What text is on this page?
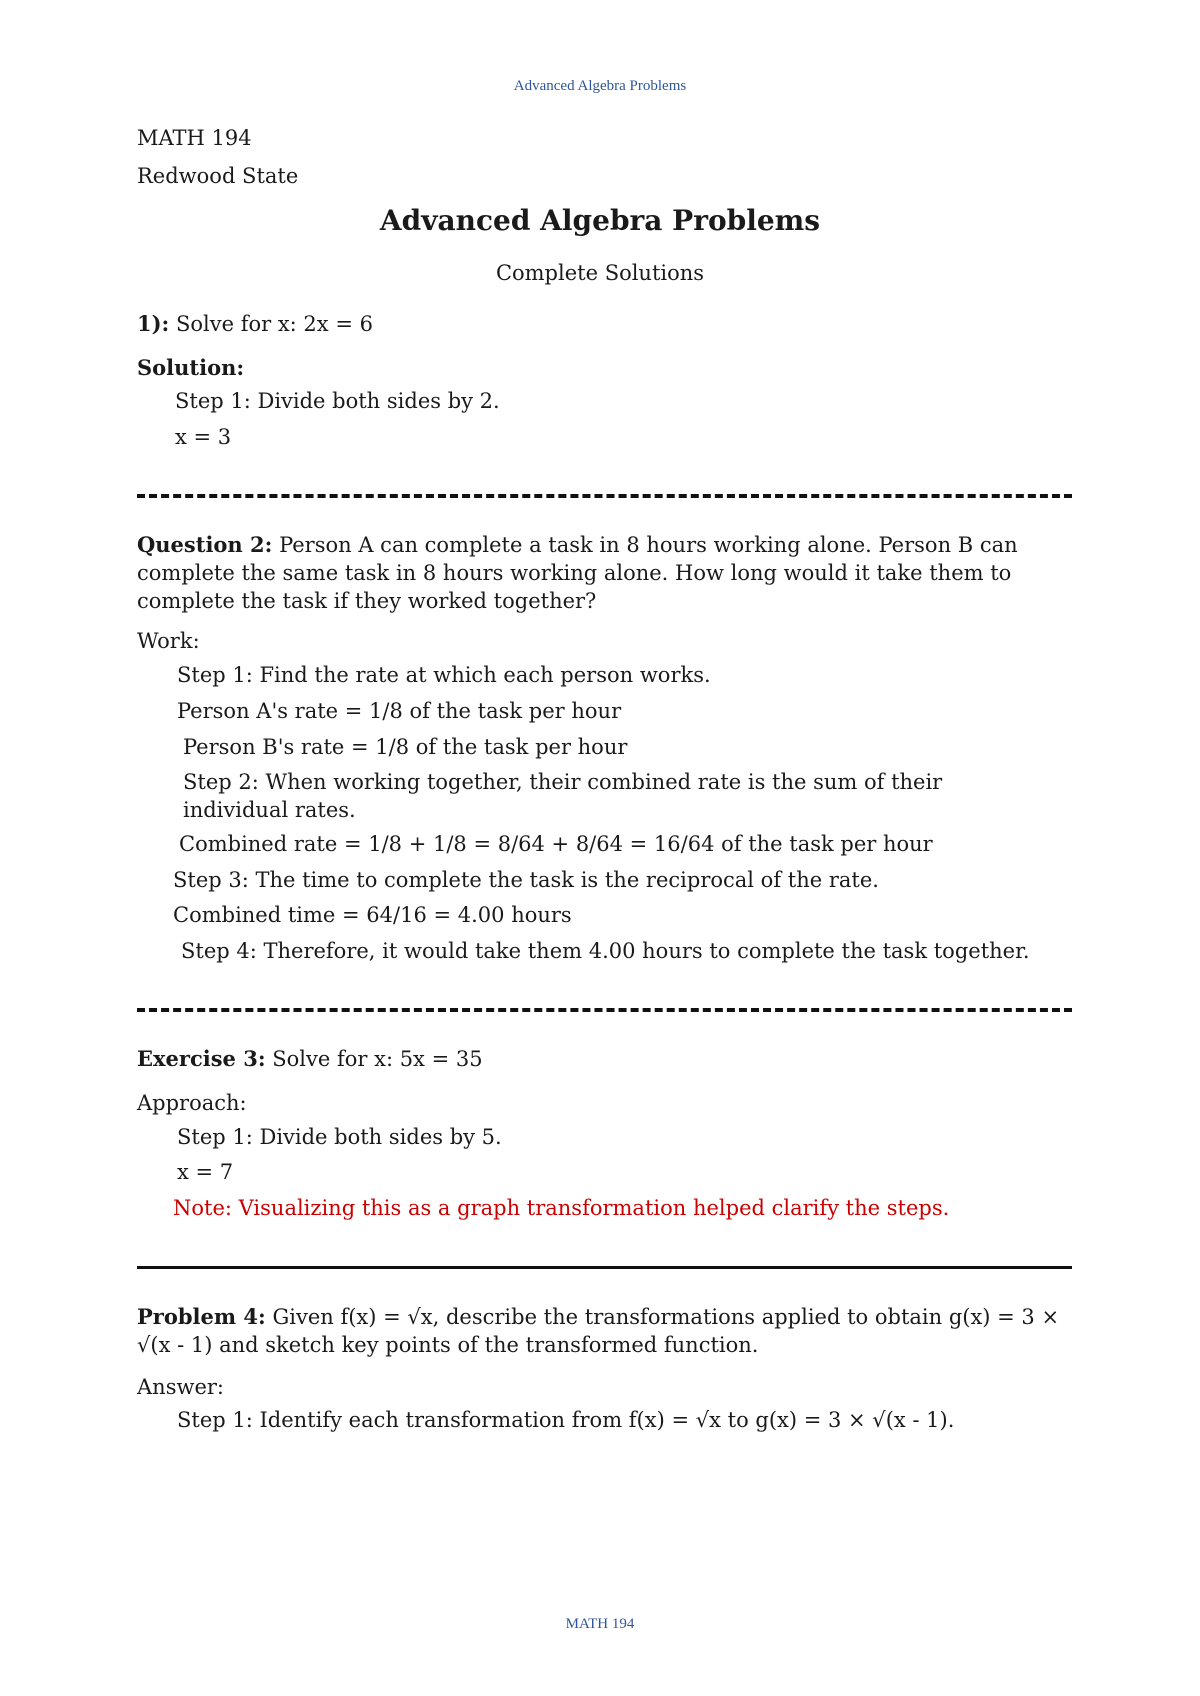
Advanced Algebra Problems
MATH 194
Redwood State
Advanced Algebra Problems
Complete Solutions
1): Solve for x: 2x = 6
Solution:
Step 1: Divide both sides by 2.
x = 3
Question 2: Person A can complete a task in 8 hours working alone. Person B can complete the same task in 8 hours working alone. How long would it take them to complete the task if they worked together?
Work:
Step 1: Find the rate at which each person works.
Person A's rate = 1/8 of the task per hour
Person B's rate = 1/8 of the task per hour
Step 2: When working together, their combined rate is the sum of their individual rates.
Combined rate = 1/8 + 1/8 = 8/64 + 8/64 = 16/64 of the task per hour
Step 3: The time to complete the task is the reciprocal of the rate.
Combined time = 64/16 = 4.00 hours
Step 4: Therefore, it would take them 4.00 hours to complete the task together.
Exercise 3: Solve for x: 5x = 35
Approach:
Step 1: Divide both sides by 5.
x = 7
Note: Visualizing this as a graph transformation helped clarify the steps.
Problem 4: Given f(x) = √x, describe the transformations applied to obtain g(x) = 3 × √(x - 1) and sketch key points of the transformed function.
Answer:
Step 1: Identify each transformation from f(x) = √x to g(x) = 3 × √(x - 1).
MATH 194
